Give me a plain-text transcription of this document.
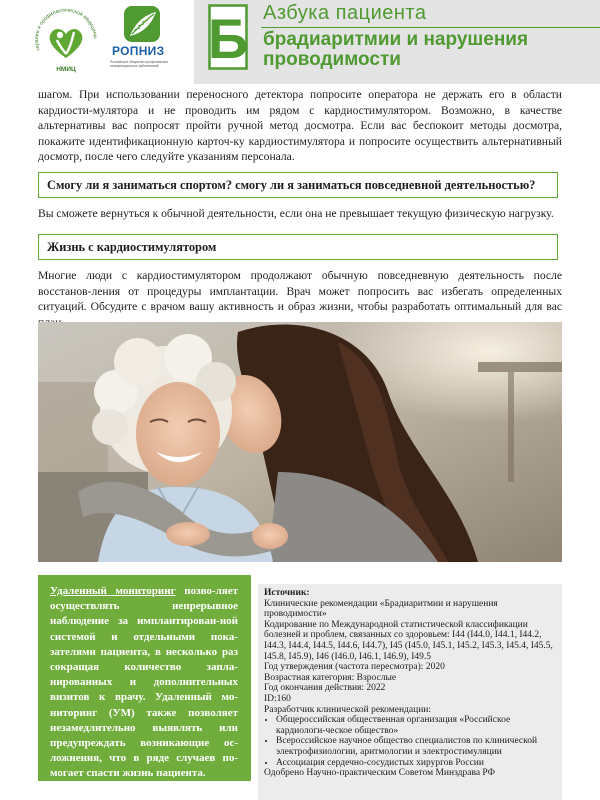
терапии и профилактической медицины
НМИЦ
РОПНИЗ
Российское общество профилактики неинфекционных заболеваний Б Азбука пациента
брадиаритмии и нарушения проводимости

шагом. При использовании переносного детектора попросите оператора не держать его в области кардиости-мулятора и не проводить им рядом с кардиостимулятором. Возможно, в качестве альтернативы вас попросят пройти ручной метод досмотра. Если вас беспокоит методы досмотра, покажите идентификационную карточ-ку кардиостимулятора и попросите осуществить альтернативный досмотр, после чего следуйте указаниям персонала.

Смогу ли я заниматься спортом? смогу ли я заниматься повседневной деятельностью?

Вы сможете вернуться к обычной деятельности, если она не превышает текущую физическую нагрузку.

Жизнь с кардиостимулятором

Многие люди с кардиостимулятором продолжают обычную повседневную деятельность после восстанов-ления от процедуры имплантации. Врач может попросить вас избегать определенных ситуаций. Обсудите с врачом вашу активность и образ жизни, чтобы разработать оптимальный для вас

Удаленный мониторинг позво-ляет осуществлять непрерывное наблюдение за имплантирован-ной системой и отдельными пока-зателями пациента, в несколько раз сокращая количество запла-нированных и дополнительных визитов к врачу. Удаленный мо-ниторинг (УМ) также позволяет незамедлительно выявлять или предупреждать возникающие ос-ложнения, что в ряде случаев по-могает спасти жизнь пациента.
Источник:
Клинические рекомендации «Брадиаритмии и нарушения проводимости»
Кодирование по Международной статистической классификации болезней и проблем, связанных со здоровьем: I44 (I44.0, I44.1, I44.2, I44.3, I44.4, I44.5, I44.6, I44.7), I45 (I45.0, I45.1, I45.2, I45.3, I45.4, I45.5, I45.8, I45.9), I46 (I46.0, I46.1, I46.9), I49.5
Год утверждения (частота пересмотра): 2020
Возрастная категория: Взрослые
Год окончания действия: 2022
ID:160
Разработчик клинической рекомендации:
• Общероссийская общественная организация «Российское кардиологи-ческое общество»
• Всероссийское научное общество специалистов по клинической электрофизиологии, аритмологии и электростимуляции
• Ассоциация сердечно-сосудистых хирургов России
Одобрено Научно-практическим Советом Минздрава РФ
